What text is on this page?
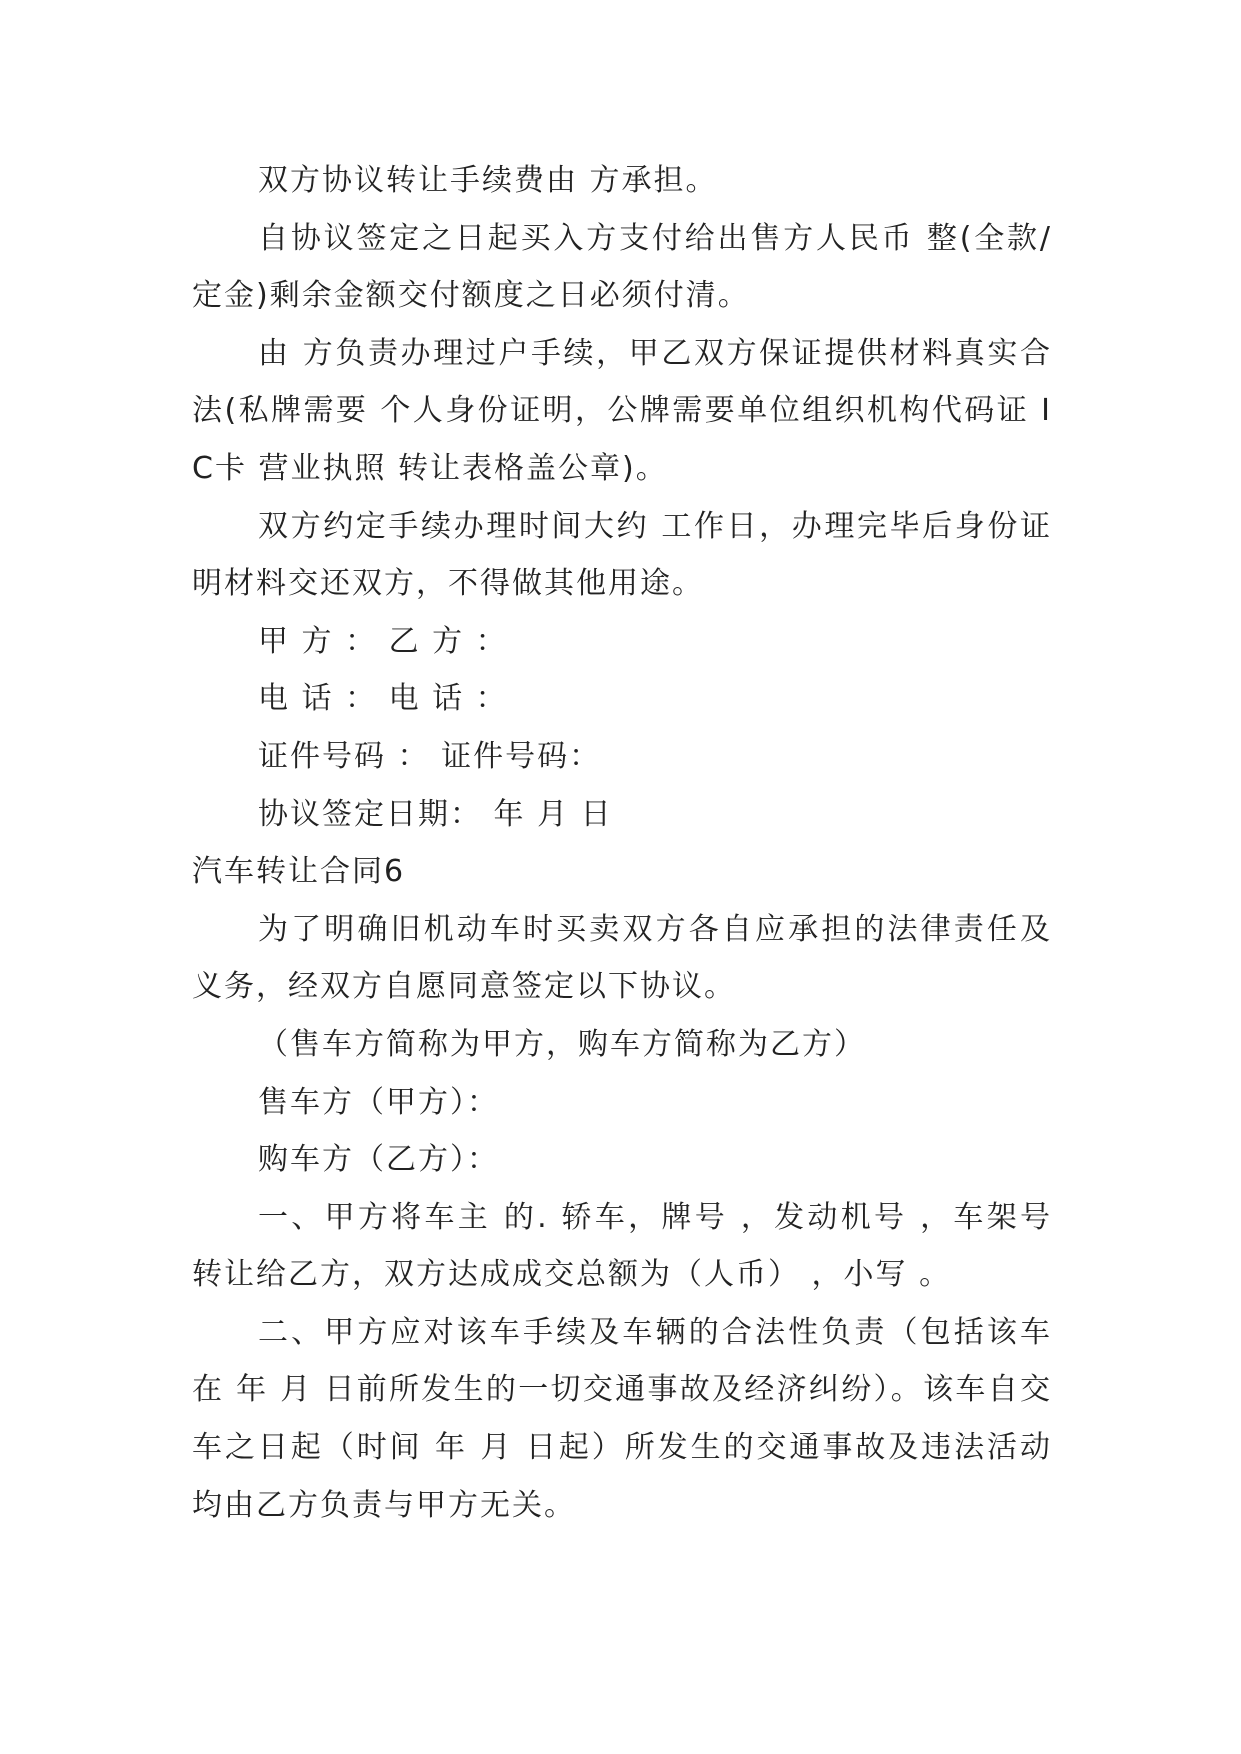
双方协议转让手续费由 方承担。

自协议签定之日起买入方支付给出售方人民币 整(全款/ 定金)剩余金额交付额度之日必须付清。

由 方负责办理过户手续，甲乙双方保证提供材料真实合法(私牌需要 个人身份证明，公牌需要单位组织机构代码证 IC卡 营业执照 转让表格盖公章)。

双方约定手续办理时间大约 工作日，办理完毕后身份证明材料交还双方，不得做其他用途。

甲 方 ： 乙 方 ：

电 话 ： 电 话 ：

证件号码 ： 证件号码：

协议签定日期： 年 月 日

汽车转让合同6

为了明确旧机动车时买卖双方各自应承担的法律责任及义务，经双方自愿同意签定以下协议。

（售车方简称为甲方，购车方简称为乙方）

售车方（甲方）：

购车方（乙方）：

一、甲方将车主 的. 轿车，牌号 ，发动机号 ，车架号 转让给乙方，双方达成成交总额为（人币） ，小写 。

二、甲方应对该车手续及车辆的合法性负责（包括该车在 年 月 日前所发生的一切交通事故及经济纠纷）。该车自交车之日起（时间 年 月 日起）所发生的交通事故及违法活动均由乙方负责与甲方无关。
